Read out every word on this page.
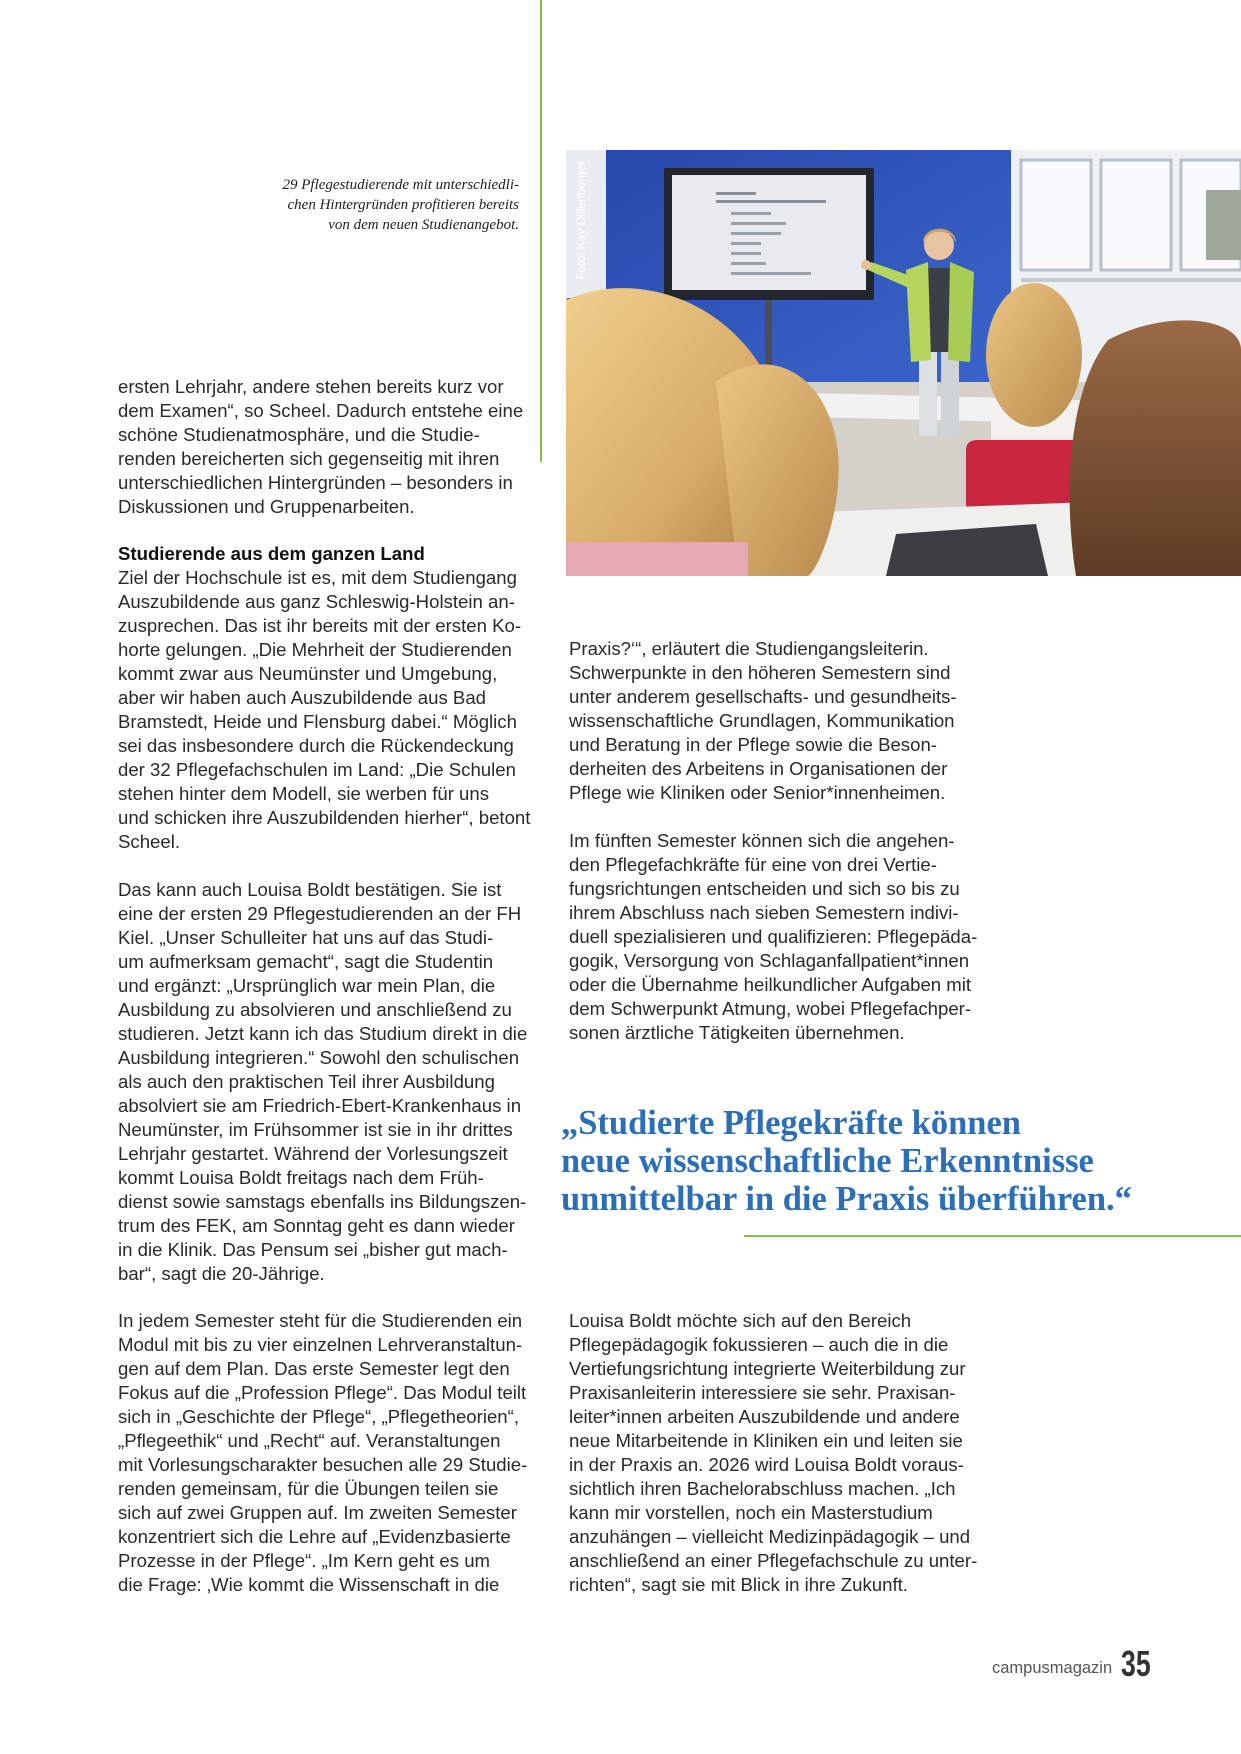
29 Pflegestudierende mit unterschiedli-
chen Hintergründen profitieren bereits
von dem neuen Studienangebot.	Foto: Kay Dillenberger
ersten Lehrjahr, andere stehen bereits kurz vor
dem Examen“, so Scheel. Dadurch entstehe eine
schöne Studienatmosphäre, und die Studie-
renden bereicherten sich gegenseitig mit ihren
unterschiedlichen Hintergründen – besonders in
Diskussionen und Gruppenarbeiten.
Studierende aus dem ganzen Land
Ziel der Hochschule ist es, mit dem Studiengang
Auszubildende aus ganz Schleswig-Holstein an-
zusprechen. Das ist ihr bereits mit der ersten Ko-
horte gelungen. „Die Mehrheit der Studierenden
kommt zwar aus Neumünster und Umgebung,
aber wir haben auch Auszubildende aus Bad
Bramstedt, Heide und Flensburg dabei.“ Möglich
sei das insbesondere durch die Rückendeckung
der 32 Pflegefachschulen im Land: „Die Schulen
stehen hinter dem Modell, sie werben für uns
und schicken ihre Auszubildenden hierher“, betont
Scheel.
Das kann auch Louisa Boldt bestätigen. Sie ist
eine der ersten 29 Pflegestudierenden an der FH
Kiel. „Unser Schulleiter hat uns auf das Studi-
um aufmerksam gemacht“, sagt die Studentin
und ergänzt: „Ursprünglich war mein Plan, die
Ausbildung zu absolvieren und anschließend zu
studieren. Jetzt kann ich das Studium direkt in die
Ausbildung integrieren.“ Sowohl den schulischen
als auch den praktischen Teil ihrer Ausbildung
absolviert sie am Friedrich-Ebert-Krankenhaus in
Neumünster, im Frühsommer ist sie in ihr drittes
Lehrjahr gestartet. Während der Vorlesungszeit
kommt Louisa Boldt freitags nach dem Früh-
dienst sowie samstags ebenfalls ins Bildungszen-
trum des FEK, am Sonntag geht es dann wieder
in die Klinik. Das Pensum sei „bisher gut mach-
bar“, sagt die 20-Jährige.
In jedem Semester steht für die Studierenden ein
Modul mit bis zu vier einzelnen Lehrveranstaltun-
gen auf dem Plan. Das erste Semester legt den
Fokus auf die „Profession Pflege“. Das Modul teilt
sich in „Geschichte der Pflege“, „Pflegetheorien“,
„Pflegeethik“ und „Recht“ auf. Veranstaltungen
mit Vorlesungscharakter besuchen alle 29 Studie-
renden gemeinsam, für die Übungen teilen sie
sich auf zwei Gruppen auf. Im zweiten Semester
konzentriert sich die Lehre auf „Evidenzbasierte
Prozesse in der Pflege“. „Im Kern geht es um
die Frage: ‚Wie kommt die Wissenschaft in die
Praxis?‘“, erläutert die Studiengangsleiterin.
Schwerpunkte in den höheren Semestern sind
unter anderem gesellschafts- und gesundheits-
wissenschaftliche Grundlagen, Kommunikation
und Beratung in der Pflege sowie die Beson-
derheiten des Arbeitens in Organisationen der
Pflege wie Kliniken oder Senior*innenheimen.
Im fünften Semester können sich die angehen-
den Pflegefachkräfte für eine von drei Vertie-
fungsrichtungen entscheiden und sich so bis zu
ihrem Abschluss nach sieben Semestern indivi-
duell spezialisieren und qualifizieren: Pflegepäda-
gogik, Versorgung von Schlaganfallpatient*innen
oder die Übernahme heilkundlicher Aufgaben mit
dem Schwerpunkt Atmung, wobei Pflegefachper-
sonen ärztliche Tätigkeiten übernehmen.
„Studierte Pflegekräfte können
neue wissenschaftliche Erkenntnisse
unmittelbar in die Praxis überführen.“
Louisa Boldt möchte sich auf den Bereich
Pflegepädagogik fokussieren – auch die in die
Vertiefungsrichtung integrierte Weiterbildung zur
Praxisanleiterin interessiere sie sehr. Praxisan-
leiter*innen arbeiten Auszubildende und andere
neue Mitarbeitende in Kliniken ein und leiten sie
in der Praxis an. 2026 wird Louisa Boldt voraus-
sichtlich ihren Bachelorabschluss machen. „Ich
kann mir vorstellen, noch ein Masterstudium
anzuhängen – vielleicht Medizinpädagogik – und
anschließend an einer Pflegefachschule zu unter-
richten“, sagt sie mit Blick in ihre Zukunft.
campusmagazin 35
